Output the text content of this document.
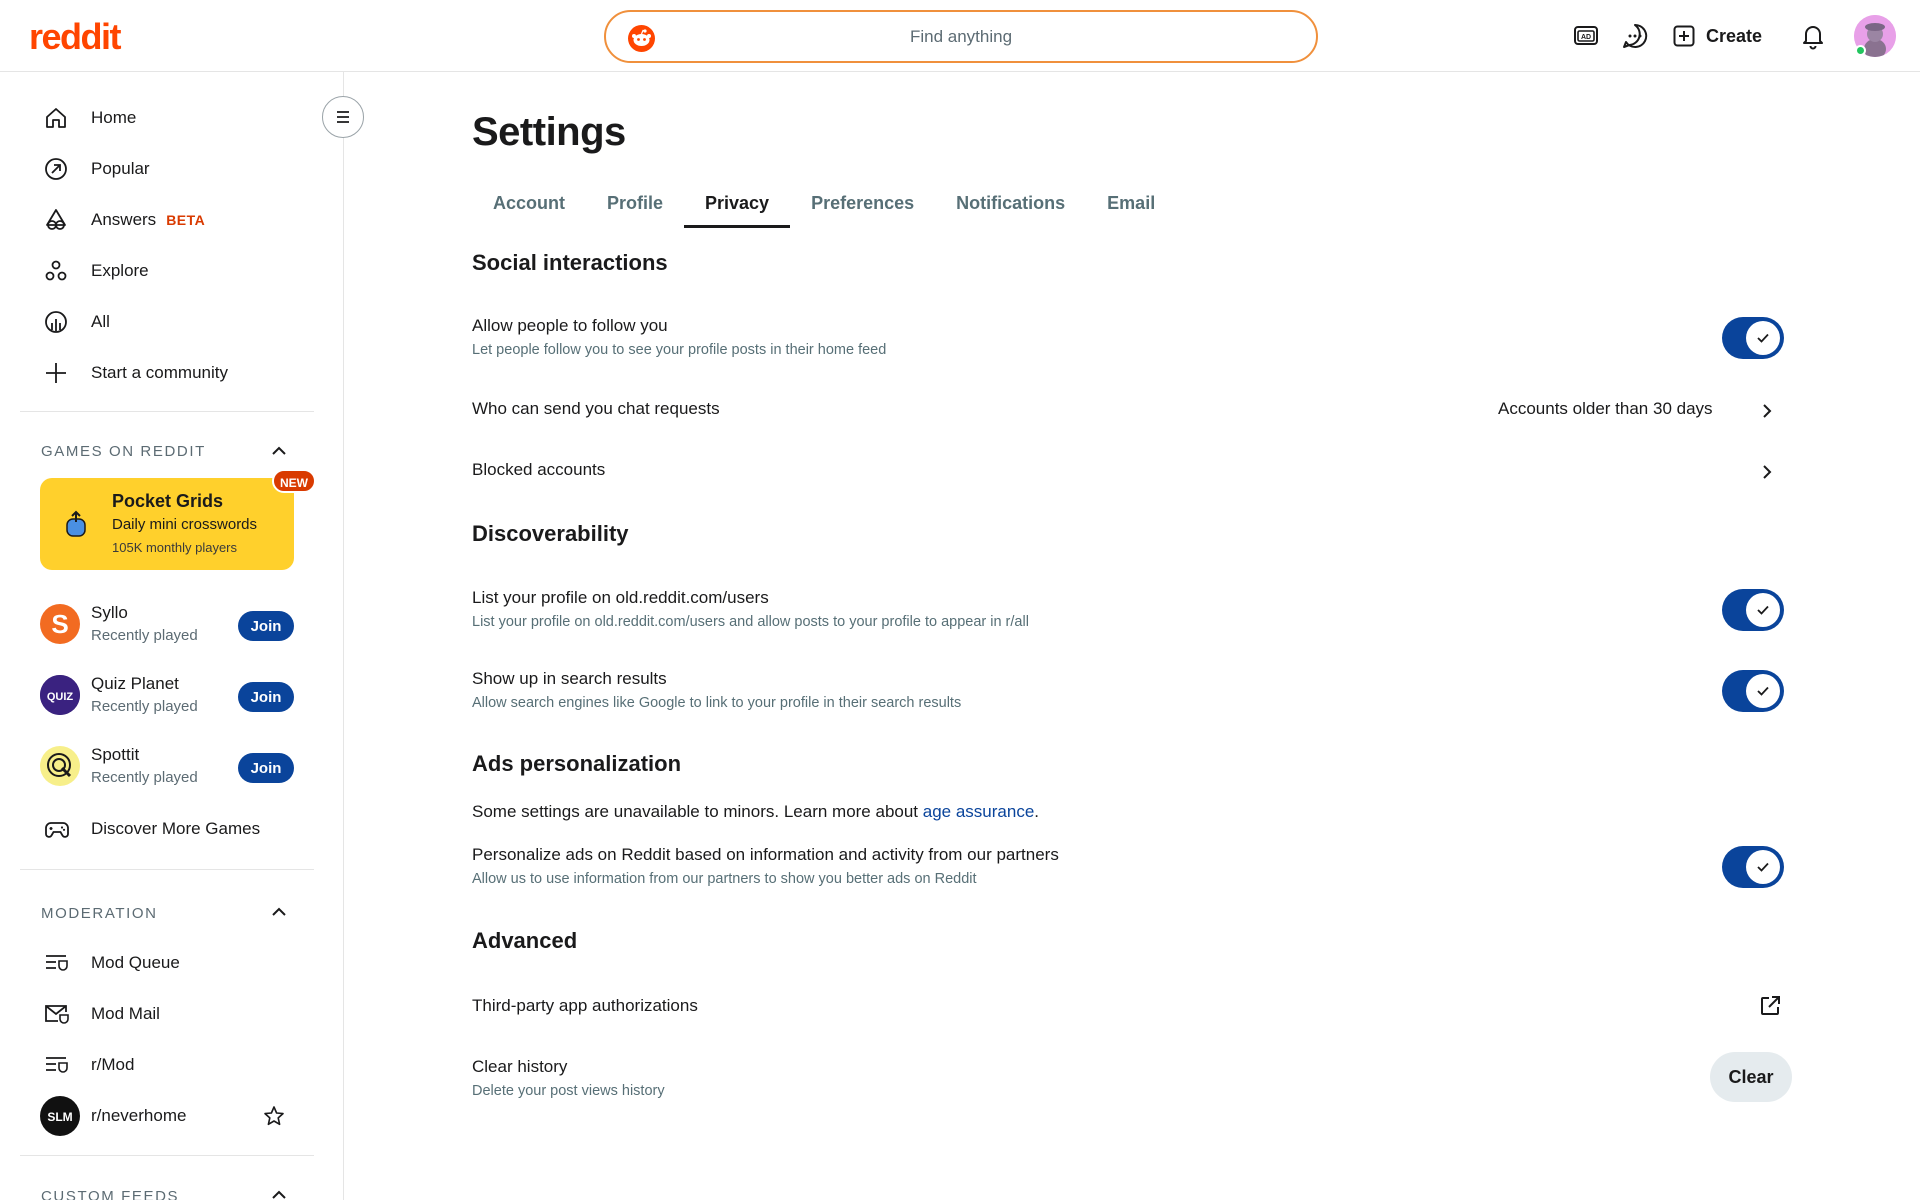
reddit
Find anything	AD	Create
Home
Popular
Answers BETA
Explore
All
Start a community
GAMES ON REDDIT
Pocket Grids
Daily mini crosswords
105K monthly players
NEW
S Syllo
Recently played
Join
QUIZ
Quiz Planet
Recently played
Join
Spottit
Recently played
Join
Discover More Games
MODERATION
Mod Queue
Mod Mail
r/Mod
SLM r/neverhome
CUSTOM FEEDS
Settings
Account	Profile	Privacy	Preferences	Notifications	Email
Social interactions
Allow people to follow you
Let people follow you to see your profile posts in their home feed
Who can send you chat requests	Accounts older than 30 days
Blocked accounts
Discoverability
List your profile on old.reddit.com/users
List your profile on old.reddit.com/users and allow posts to your profile to appear in r/all
Show up in search results
Allow search engines like Google to link to your profile in their search results
Ads personalization
Some settings are unavailable to minors. Learn more about age assurance.
Personalize ads on Reddit based on information and activity from our partners
Allow us to use information from our partners to show you better ads on Reddit
Advanced
Third-party app authorizations
Clear history
Delete your post views history
Clear
